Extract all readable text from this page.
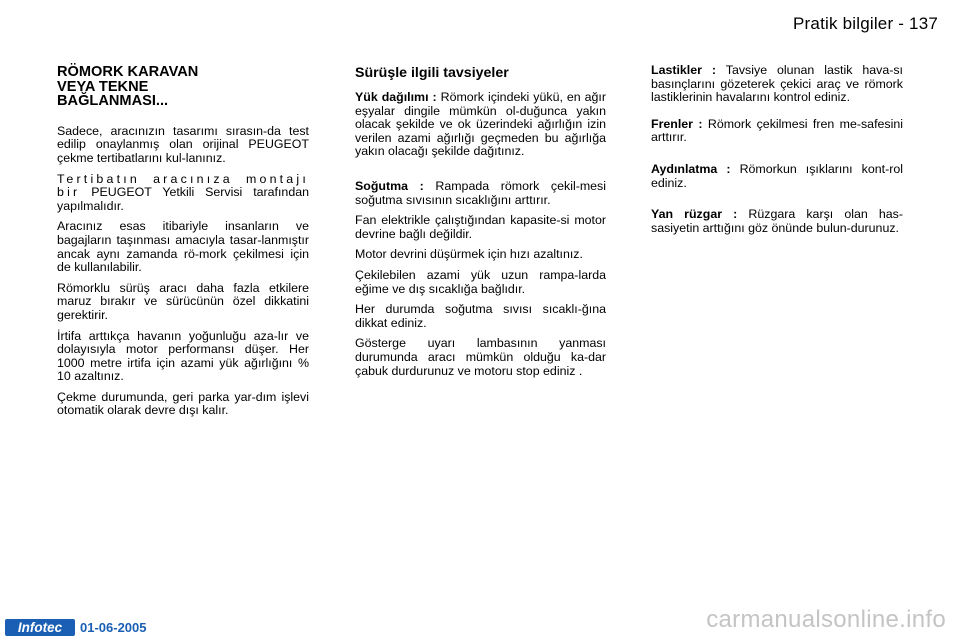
Pratik bilgiler - 137
RÖMORK KARAVAN
VEYA TEKNE
BAĞLANMASI...

Sadece, aracınızın tasarımı sırasın-da test edilip onaylanmış olan orijinal PEUGEOT çekme tertibatlarını kul-lanınız.

Tertibatın aracınıza montajı bir PEUGEOT Yetkili Servisi tarafından yapılmalıdır.

Aracınız esas itibariyle insanların ve bagajların taşınması amacıyla tasar-lanmıştır ancak aynı zamanda rö-mork çekilmesi için de kullanılabilir.

Römorklu sürüş aracı daha fazla etkilere maruz bırakır ve sürücünün özel dikkatini gerektirir.

İrtifa arttıkça havanın yoğunluğu aza-lır ve dolayısıyla motor performansı düşer. Her 1000 metre irtifa için azami yük ağırlığını % 10 azaltınız.

Çekme durumunda, geri parka yar-dım işlevi otomatik olarak devre dışı kalır.

Sürüşle ilgili tavsiyeler

Yük dağılımı : Römork içindeki yükü, en ağır eşyalar dingile mümkün ol-duğunca yakın olacak şekilde ve ok üzerindeki ağırlığın izin verilen azami ağırlığı geçmeden bu ağırlığa yakın olacağı şekilde dağıtınız.

Soğutma : Rampada römork çekil-mesi soğutma sıvısının sıcaklığını arttırır.

Fan elektrikle çalıştığından kapasite-si motor devrine bağlı değildir.

Motor devrini düşürmek için hızı azaltınız.

Çekilebilen azami yük uzun rampa-larda eğime ve dış sıcaklığa bağlıdır.

Her durumda soğutma sıvısı sıcaklı-ğına dikkat ediniz.

Gösterge uyarı lambasının yanması durumunda aracı mümkün olduğu ka-dar çabuk durdurunuz ve motoru stop ediniz .

Lastikler : Tavsiye olunan lastik hava-sı basınçlarını gözeterek çekici araç ve römork lastiklerinin havalarını kontrol ediniz.

Frenler : Römork çekilmesi fren me-safesini arttırır.

Aydınlatma : Römorkun ışıklarını kont-rol ediniz.

Yan rüzgar : Rüzgara karşı olan has-sasiyetin arttığını göz önünde bulun-durunuz.

Infotec	01-06-2005	carmanualsonline.info
